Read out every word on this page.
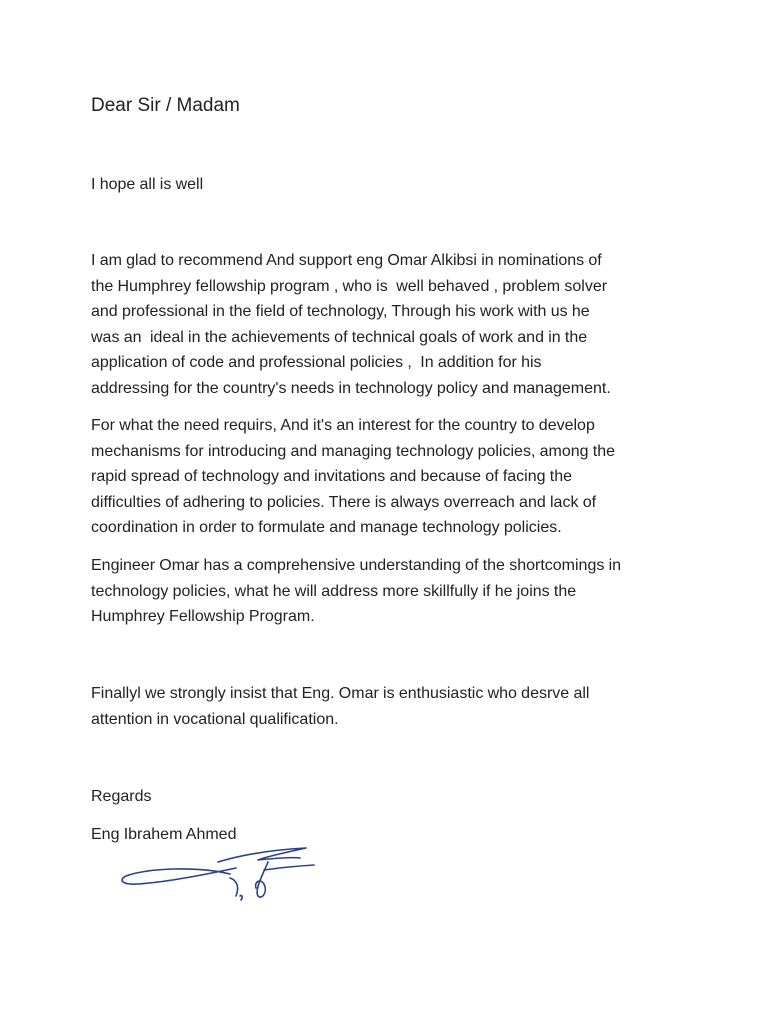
Dear Sir / Madam
I hope all is well
I am glad to recommend And support eng Omar Alkibsi in nominations of
the Humphrey fellowship program , who is  well behaved , problem solver
and professional in the field of technology, Through his work with us he
was an  ideal in the achievements of technical goals of work and in the
application of code and professional policies ,  In addition for his
addressing for the country's needs in technology policy and management.
For what the need requirs, And it's an interest for the country to develop
mechanisms for introducing and managing technology policies, among the
rapid spread of technology and invitations and because of facing the
difficulties of adhering to policies. There is always overreach and lack of
coordination in order to formulate and manage technology policies.
Engineer Omar has a comprehensive understanding of the shortcomings in
technology policies, what he will address more skillfully if he joins the
Humphrey Fellowship Program.
Finallyl we strongly insist that Eng. Omar is enthusiastic who desrve all
attention in vocational qualification.
Regards
Eng Ibrahem Ahmed
